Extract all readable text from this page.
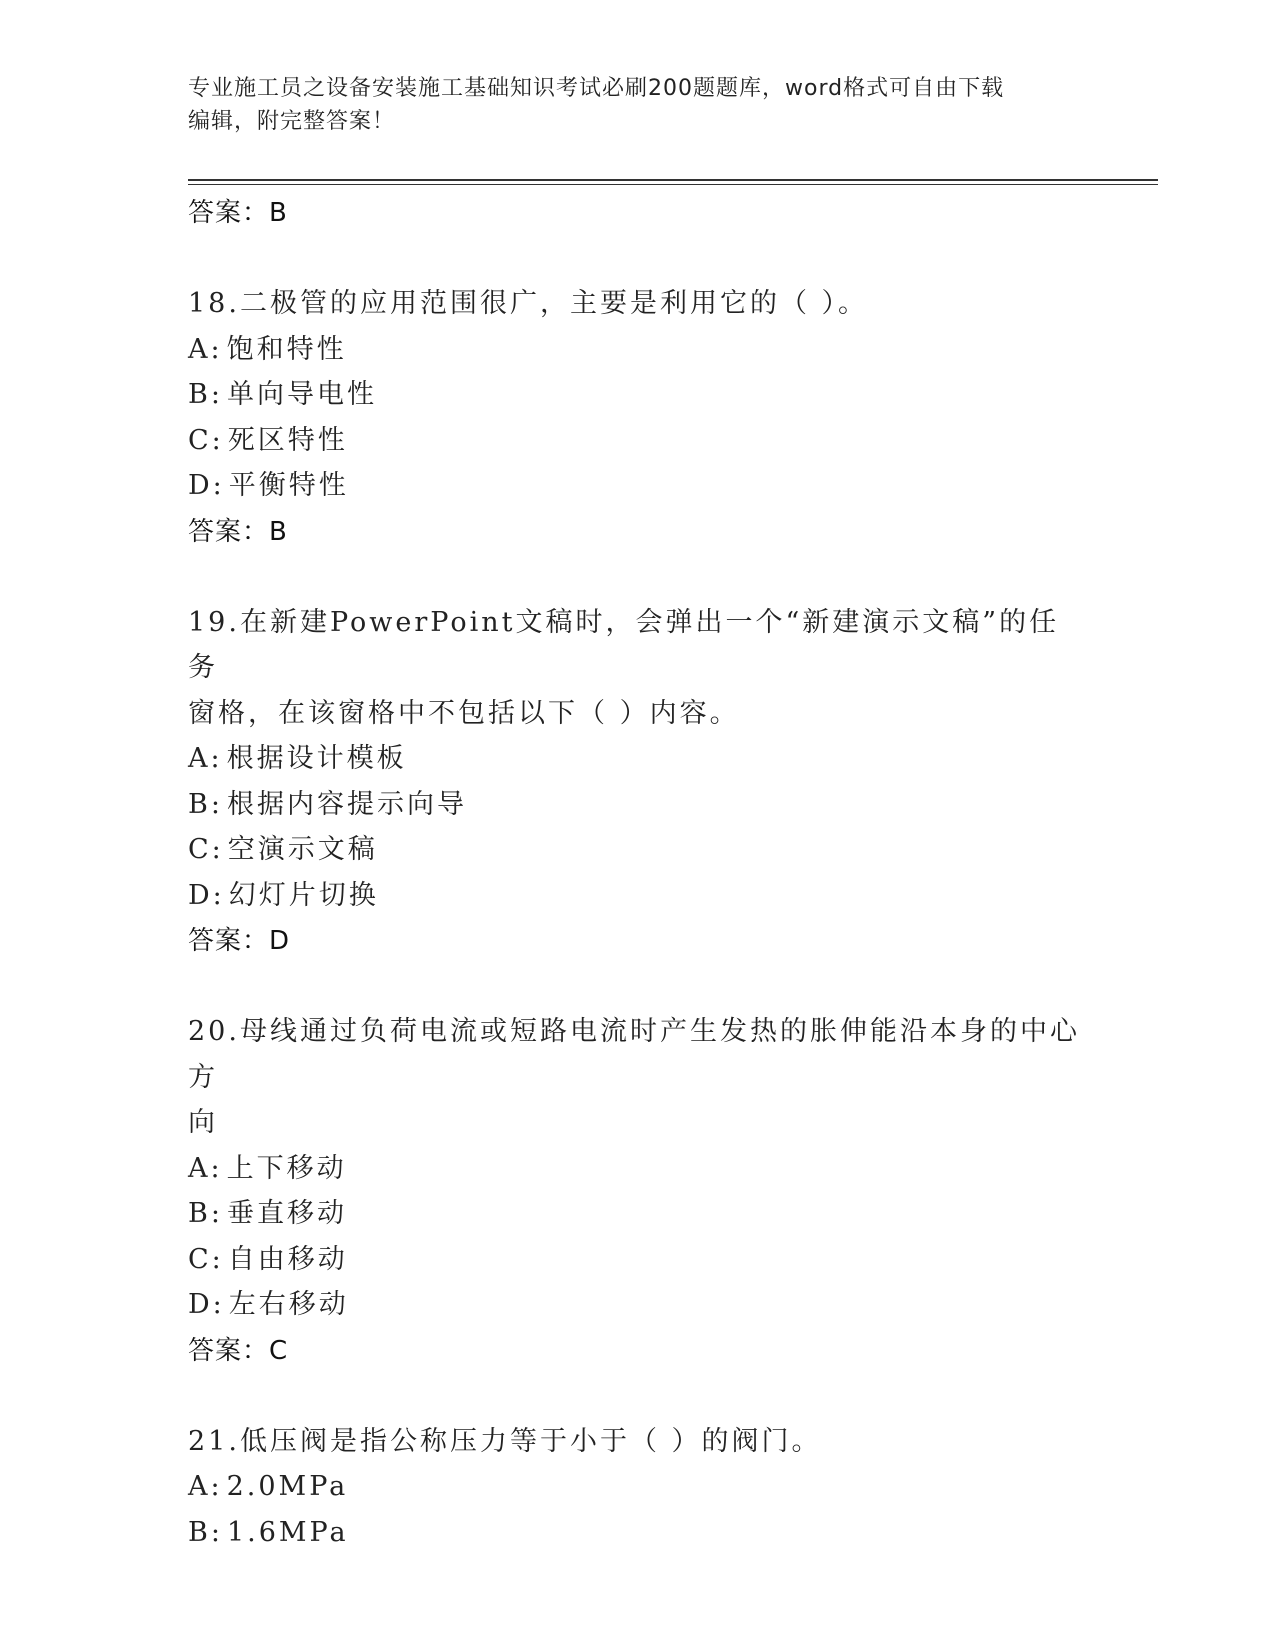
专业施工员之设备安装施工基础知识考试必刷200题题库，word格式可自由下载
编辑，附完整答案！
答案：B
18.二极管的应用范围很广，主要是利用它的（ ）。
A: 饱和特性
B: 单向导电性
C: 死区特性
D: 平衡特性
答案：B
19.在新建PowerPoint文稿时，会弹出一个“新建演示文稿”的任务
窗格，在该窗格中不包括以下（ ）内容。
A: 根据设计模板
B: 根据内容提示向导
C: 空演示文稿
D: 幻灯片切换
答案：D
20.母线通过负荷电流或短路电流时产生发热的胀伸能沿本身的中心方
向
A: 上下移动
B: 垂直移动
C: 自由移动
D: 左右移动
答案：C
21.低压阀是指公称压力等于小于（ ）的阀门。
A: 2.0MPa
B: 1.6MPa
